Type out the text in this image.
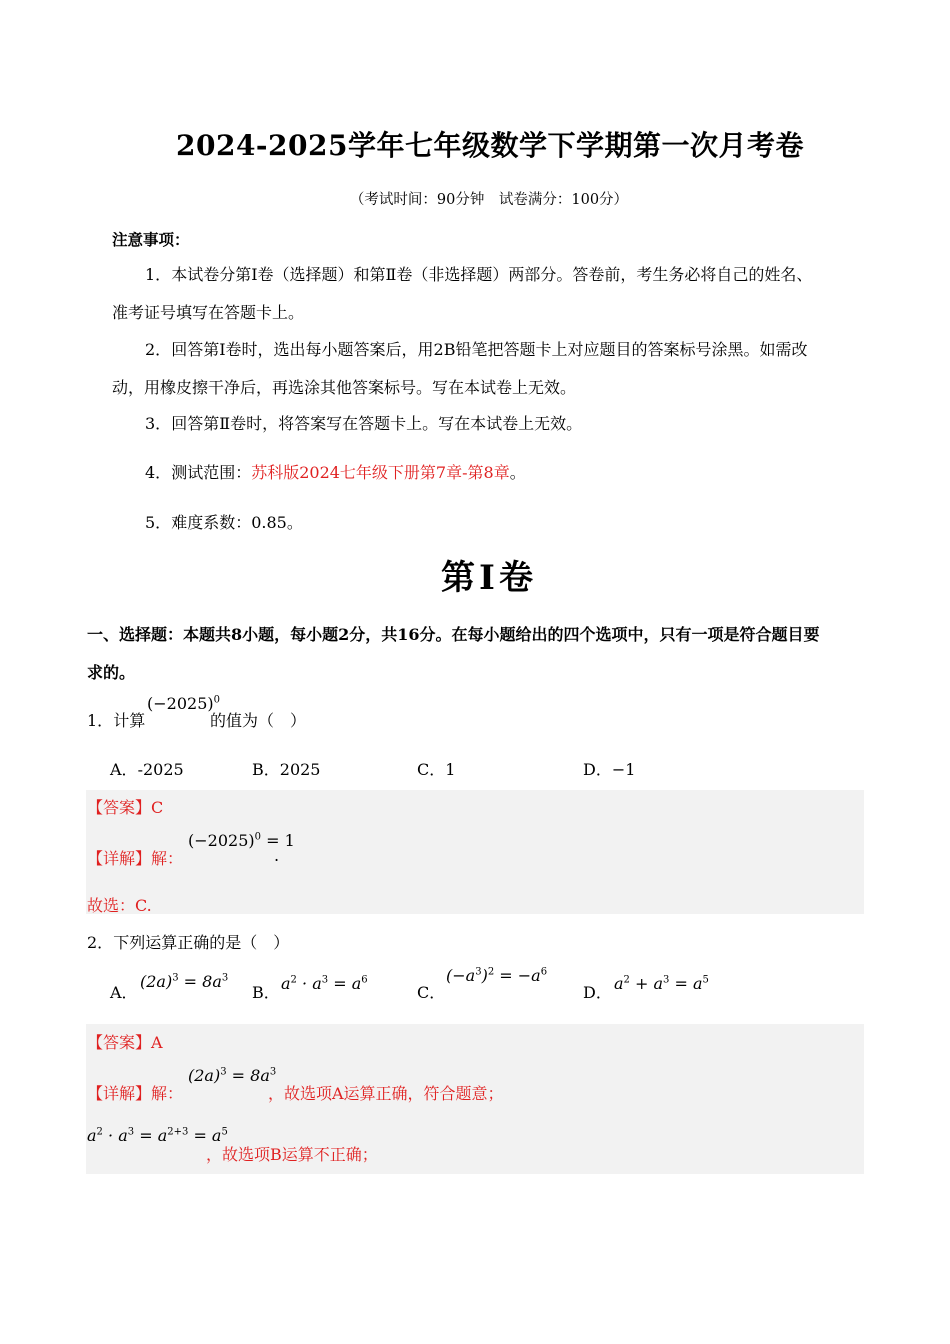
2024-2025学年七年级数学下学期第一次月考卷
（考试时间：90分钟　试卷满分：100分）
注意事项：
1．本试卷分第Ⅰ卷（选择题）和第Ⅱ卷（非选择题）两部分。答卷前，考生务必将自己的姓名、
准考证号填写在答题卡上。
2．回答第Ⅰ卷时，选出每小题答案后，用2B铅笔把答题卡上对应题目的答案标号涂黑。如需改
动，用橡皮擦干净后，再选涂其他答案标号。写在本试卷上无效。
3．回答第Ⅱ卷时，将答案写在答题卡上。写在本试卷上无效。
4．测试范围：苏科版2024七年级下册第7章-第8章。
5．难度系数：0.85。
第Ⅰ卷
一、选择题：本题共8小题，每小题2分，共16分。在每小题给出的四个选项中，只有一项是符合题目要
求的。
1．计算
$(-2025)^0$
的值为（　）
A．-2025	B．2025	C．1	D．−1
【答案】C
【详解】解：
$(-2025)^0 = 1$
.
故选：C.
2．下列运算正确的是（　）
A．
$(2a)^3 = 8a^3$
B． $a^2 \cdot a^3 = a^6$
C．
$(-a^3)^2 = -a^6$
D． $a^2 + a^3 = a^5$
【答案】A
【详解】解：
$(2a)^3 = 8a^3$
，故选项A运算正确，符合题意；
$a^2 \cdot a^3 = a^{2+3} = a^5$
，故选项B运算不正确；
